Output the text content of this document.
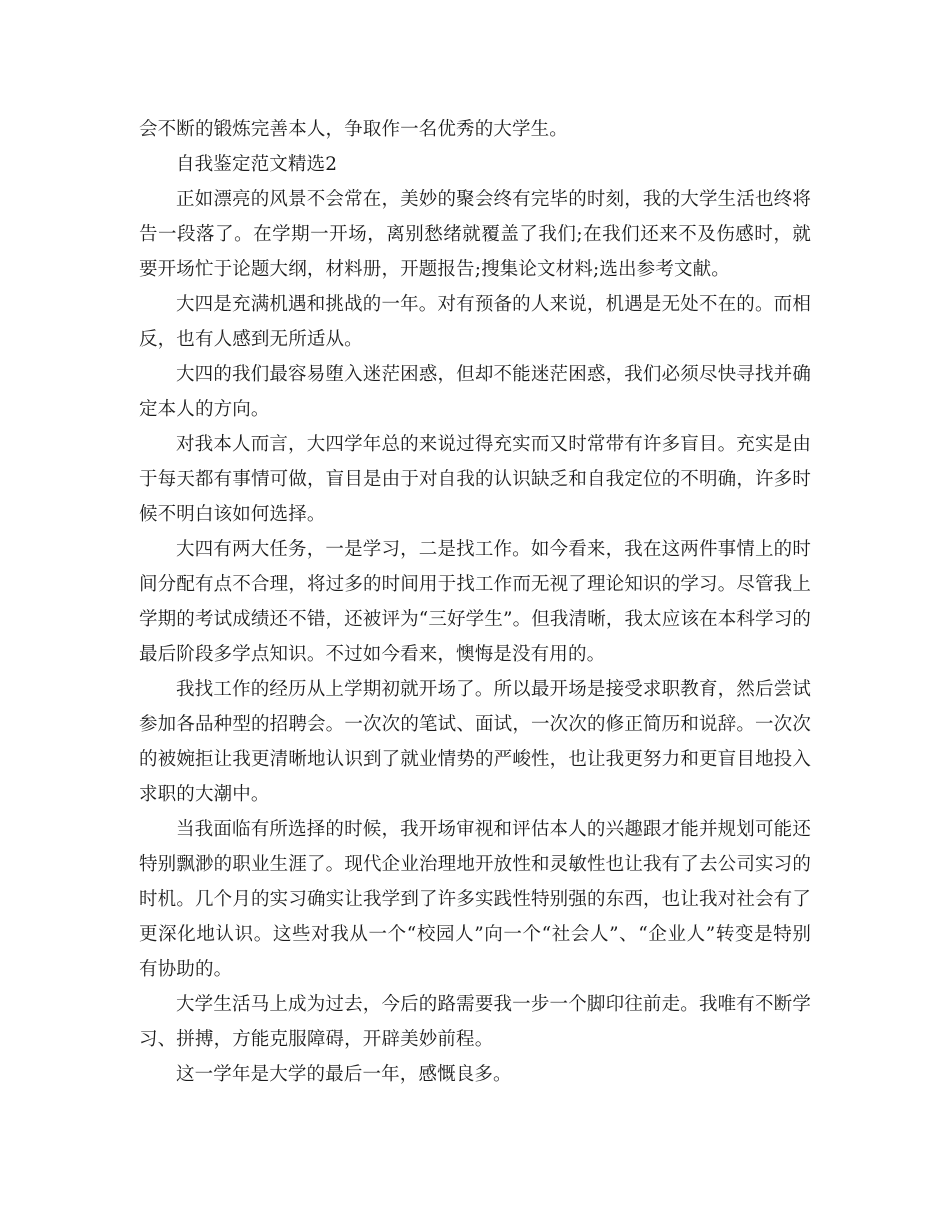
会不断的锻炼完善本人，争取作一名优秀的大学生。

自我鉴定范文精选2

正如漂亮的风景不会常在，美妙的聚会终有完毕的时刻，我的大学生活也终将告一段落了。在学期一开场，离别愁绪就覆盖了我们;在我们还来不及伤感时，就要开场忙于论题大纲，材料册，开题报告;搜集论文材料;选出参考文献。

大四是充满机遇和挑战的一年。对有预备的人来说，机遇是无处不在的。而相反，也有人感到无所适从。

大四的我们最容易堕入迷茫困惑，但却不能迷茫困惑，我们必须尽快寻找并确定本人的方向。

对我本人而言，大四学年总的来说过得充实而又时常带有许多盲目。充实是由于每天都有事情可做，盲目是由于对自我的认识缺乏和自我定位的不明确，许多时候不明白该如何选择。

大四有两大任务，一是学习，二是找工作。如今看来，我在这两件事情上的时间分配有点不合理，将过多的时间用于找工作而无视了理论知识的学习。尽管我上学期的考试成绩还不错，还被评为“三好学生”。但我清晰，我太应该在本科学习的最后阶段多学点知识。不过如今看来，懊悔是没有用的。

我找工作的经历从上学期初就开场了。所以最开场是接受求职教育，然后尝试参加各品种型的招聘会。一次次的笔试、面试，一次次的修正简历和说辞。一次次的被婉拒让我更清晰地认识到了就业情势的严峻性，也让我更努力和更盲目地投入求职的大潮中。

当我面临有所选择的时候，我开场审视和评估本人的兴趣跟才能并规划可能还特别飘渺的职业生涯了。现代企业治理地开放性和灵敏性也让我有了去公司实习的时机。几个月的实习确实让我学到了许多实践性特别强的东西，也让我对社会有了更深化地认识。这些对我从一个“校园人”向一个“社会人”、“企业人”转变是特别有协助的。

大学生活马上成为过去，今后的路需要我一步一个脚印往前走。我唯有不断学习、拼搏，方能克服障碍，开辟美妙前程。

这一学年是大学的最后一年，感慨良多。
